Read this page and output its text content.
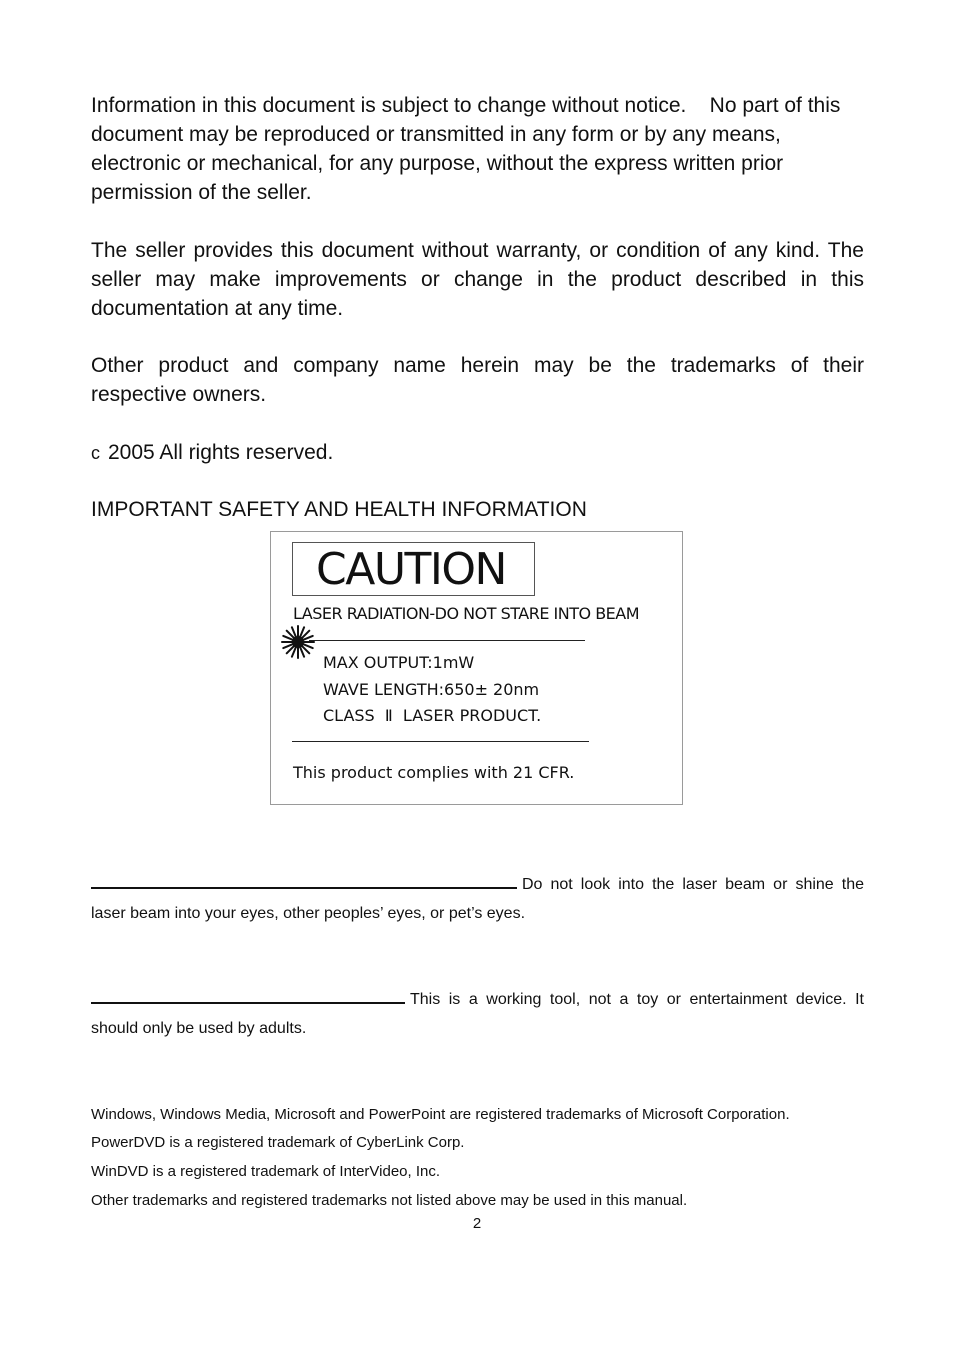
Information in this document is subject to change without notice.    No part of this document may be reproduced or transmitted in any form or by any means, electronic or mechanical, for any purpose, without the express written prior permission of the seller.

The seller provides this document without warranty, or condition of any kind. The seller may make improvements or change in the product described in this documentation at any time.

Other product and company name herein may be the trademarks of their respective owners.

c 2005 All rights reserved.

IMPORTANT SAFETY AND HEALTH INFORMATION

CAUTION
LASER RADIATION-DO NOT STARE INTO BEAM
MAX OUTPUT:1mW
WAVE LENGTH:650± 20nm
CLASS  Ⅱ  LASER PRODUCT.
This product complies with 21 CFR.

Do not look into the laser beam or shine the laser beam into your eyes, other peoples’ eyes, or pet’s eyes.

This is a working tool, not a toy or entertainment device. It should only be used by adults.

Windows, Windows Media, Microsoft and PowerPoint are registered trademarks of Microsoft Corporation.

PowerDVD is a registered trademark of CyberLink Corp.

WinDVD is a registered trademark of InterVideo, Inc.

Other trademarks and registered trademarks not listed above may be used in this manual.

2
